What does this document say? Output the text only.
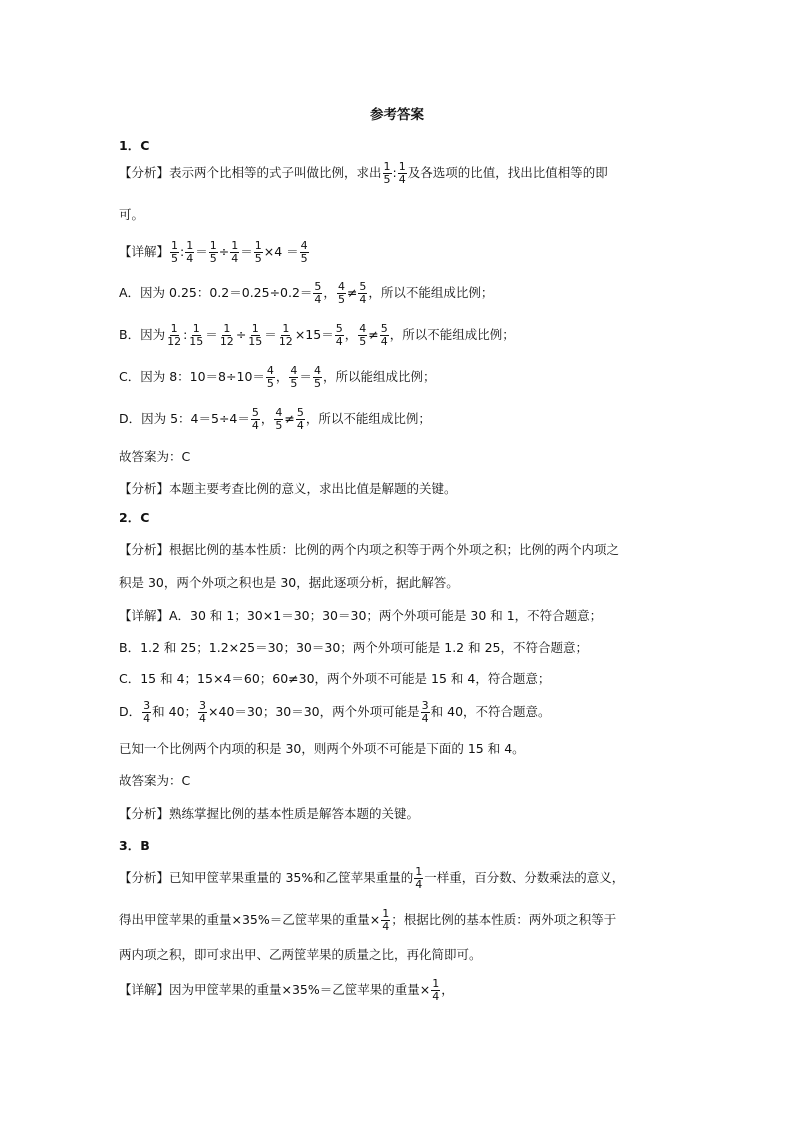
参考答案
1．C
【分析】表示两个比相等的式子叫做比例，求出 $\frac{1}{5}$ : $\frac{1}{4}$ 及各选项的比值，找出比值相等的即
可。
【详解】 $\frac{1}{5}$ : $\frac{1}{4} = \frac{1}{5} \div \frac{1}{4} = \frac{1}{5} \times 4 = \frac{4}{5}$
A．因为 0.25：$0.2=0.25\div 0.2= \frac{5}{4}$ ， $\frac{4}{5} \ne \frac{5}{4}$ ，所以不能组成比例；
B．因为 $\frac{1}{12}$ : $\frac{1}{15} = \frac{1}{12} \div \frac{1}{15} = \frac{1}{12} \times 15= \frac{5}{4}$ ， $\frac{4}{5} \ne \frac{5}{4}$ ，所以不能组成比例；
C．因为 8：$10=8\div 10= \frac{4}{5}$ ， $\frac{4}{5} = \frac{4}{5}$ ，所以能组成比例；
D．因为 5：$4=5\div 4= \frac{5}{4}$ ， $\frac{4}{5} \ne \frac{5}{4}$ ，所以不能组成比例；
故答案为：C
【分析】本题主要考查比例的意义，求出比值是解题的关键。
2．C
【分析】根据比例的基本性质：比例的两个内项之积等于两个外项之积；比例的两个内项之
积是 30，两个外项之积也是 30，据此逐项分析，据此解答。
【详解】A．30 和 1；30×1＝30；30＝30；两个外项可能是 30 和 1，不符合题意；
B．1.2 和 25；1.2×25＝30；30＝30；两个外项可能是 1.2 和 25，不符合题意；
C．15 和 4；15×4＝60；60≠30，两个外项不可能是 15 和 4，符合题意；
D． $\frac{3}{4}$ 和 40； $\frac{3}{4} \times 40=30$；30＝30，两个外项可能是 $\frac{3}{4}$ 和 40，不符合题意。
已知一个比例两个内项的积是 30，则两个外项不可能是下面的 15 和 4。
故答案为：C
【分析】熟练掌握比例的基本性质是解答本题的关键。
3．B
【分析】已知甲筐苹果重量的 35%和乙筐苹果重量的 $\frac{1}{4}$ 一样重，百分数、分数乘法的意义，
得出甲筐苹果的重量×35%＝乙筐苹果的重量× $\frac{1}{4}$ ；根据比例的基本性质：两外项之积等于
两内项之积，即可求出甲、乙两筐苹果的质量之比，再化简即可。
【详解】因为甲筐苹果的重量×35%＝乙筐苹果的重量× $\frac{1}{4}$ ，
